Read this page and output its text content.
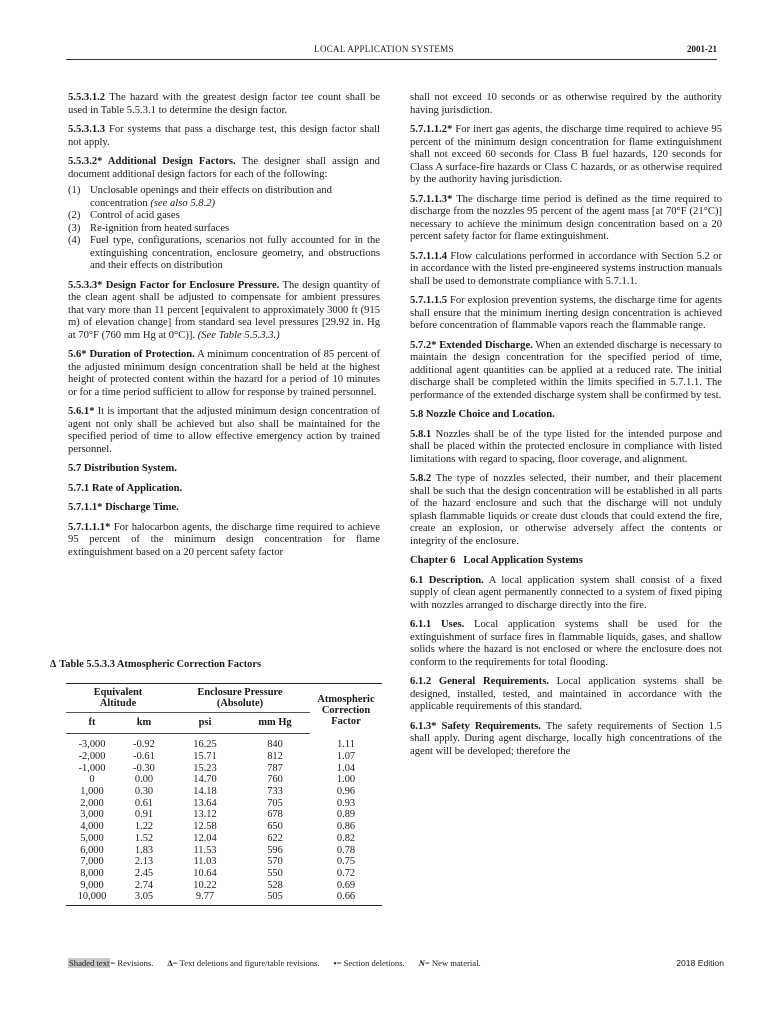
LOCAL APPLICATION SYSTEMS	2001-21

5.5.3.1.2 The hazard with the greatest design factor tee count shall be used in Table 5.5.3.1 to determine the design factor.

5.5.3.1.3 For systems that pass a discharge test, this design factor shall not apply.

5.5.3.2* Additional Design Factors. The designer shall assign and document additional design factors for each of the following:

(1) Unclosable openings and their effects on distribution and concentration (see also 5.8.2)
(2) Control of acid gases
(3) Re-ignition from heated surfaces
(4) Fuel type, configurations, scenarios not fully accounted for in the extinguishing concentration, enclosure geometry, and obstructions and their effects on distribution

5.5.3.3* Design Factor for Enclosure Pressure. The design quantity of the clean agent shall be adjusted to compensate for ambient pressures that vary more than 11 percent [equivalent to approximately 3000 ft (915 m) of elevation change] from standard sea level pressures [29.92 in. Hg at 70°F (760 mm Hg at 0°C)]. (See Table 5.5.3.3.)

5.6* Duration of Protection. A minimum concentration of 85 percent of the adjusted minimum design concentration shall be held at the highest height of protected content within the hazard for a period of 10 minutes or for a time period sufficient to allow for response by trained personnel.

5.6.1* It is important that the adjusted minimum design concentration of agent not only shall be achieved but also shall be maintained for the specified period of time to allow effective emergency action by trained personnel.

5.7 Distribution System.

5.7.1 Rate of Application.

5.7.1.1* Discharge Time.

5.7.1.1.1* For halocarbon agents, the discharge time required to achieve 95 percent of the minimum design concentration for flame extinguishment based on a 20 percent safety factor

Δ Table 5.5.3.3 Atmospheric Correction Factors
Equivalent Altitude		Enclosure Pressure (Absolute)		Atmospheric Correction Factor
ft	km	psi	mm Hg	
-3,000	-0.92	16.25	840	1.11
-2,000	-0.61	15.71	812	1.07
-1,000	-0.30	15.23	787	1.04
0	0.00	14.70	760	1.00
1,000	0.30	14.18	733	0.96
2,000	0.61	13.64	705	0.93
3,000	0.91	13.12	678	0.89
4,000	1.22	12.58	650	0.86
5,000	1.52	12.04	622	0.82
6,000	1.83	11.53	596	0.78
7,000	2.13	11.03	570	0.75
8,000	2.45	10.64	550	0.72
9,000	2.74	10.22	528	0.69
10,000	3.05	9.77	505	0.66

shall not exceed 10 seconds or as otherwise required by the authority having jurisdiction.

5.7.1.1.2* For inert gas agents, the discharge time required to achieve 95 percent of the minimum design concentration for flame extinguishment shall not exceed 60 seconds for Class B fuel hazards, 120 seconds for Class A surface-fire hazards or Class C hazards, or as otherwise required by the authority having jurisdiction.

5.7.1.1.3* The discharge time period is defined as the time required to discharge from the nozzles 95 percent of the agent mass [at 70°F (21°C)] necessary to achieve the minimum design concentration based on a 20 percent safety factor for flame extinguishment.

5.7.1.1.4 Flow calculations performed in accordance with Section 5.2 or in accordance with the listed pre-engineered systems instruction manuals shall be used to demonstrate compliance with 5.7.1.1.

5.7.1.1.5 For explosion prevention systems, the discharge time for agents shall ensure that the minimum inerting design concentration is achieved before concentration of flammable vapors reach the flammable range.

5.7.2* Extended Discharge. When an extended discharge is necessary to maintain the design concentration for the specified period of time, additional agent quantities can be applied at a reduced rate. The initial discharge shall be completed within the limits specified in 5.7.1.1. The performance of the extended discharge system shall be confirmed by test.

5.8 Nozzle Choice and Location.

5.8.1 Nozzles shall be of the type listed for the intended purpose and shall be placed within the protected enclosure in compliance with listed limitations with regard to spacing, floor coverage, and alignment.

5.8.2 The type of nozzles selected, their number, and their placement shall be such that the design concentration will be established in all parts of the hazard enclosure and such that the discharge will not unduly splash flammable liquids or create dust clouds that could extend the fire, create an explosion, or otherwise adversely affect the contents or integrity of the enclosure.

Chapter 6   Local Application Systems

6.1 Description. A local application system shall consist of a fixed supply of clean agent permanently connected to a system of fixed piping with nozzles arranged to discharge directly into the fire.

6.1.1 Uses. Local application systems shall be used for the extinguishment of surface fires in flammable liquids, gases, and shallow solids where the hazard is not enclosed or where the enclosure does not conform to the requirements for total flooding.

6.1.2 General Requirements. Local application systems shall be designed, installed, tested, and maintained in accordance with the applicable requirements of this standard.

6.1.3* Safety Requirements. The safety requirements of Section 1.5 shall apply. During agent discharge, locally high concentrations of the agent will be developed; therefore the

Shaded text = Revisions. Δ = Text deletions and figure/table revisions. • = Section deletions. N = New material.	2018 Edition
